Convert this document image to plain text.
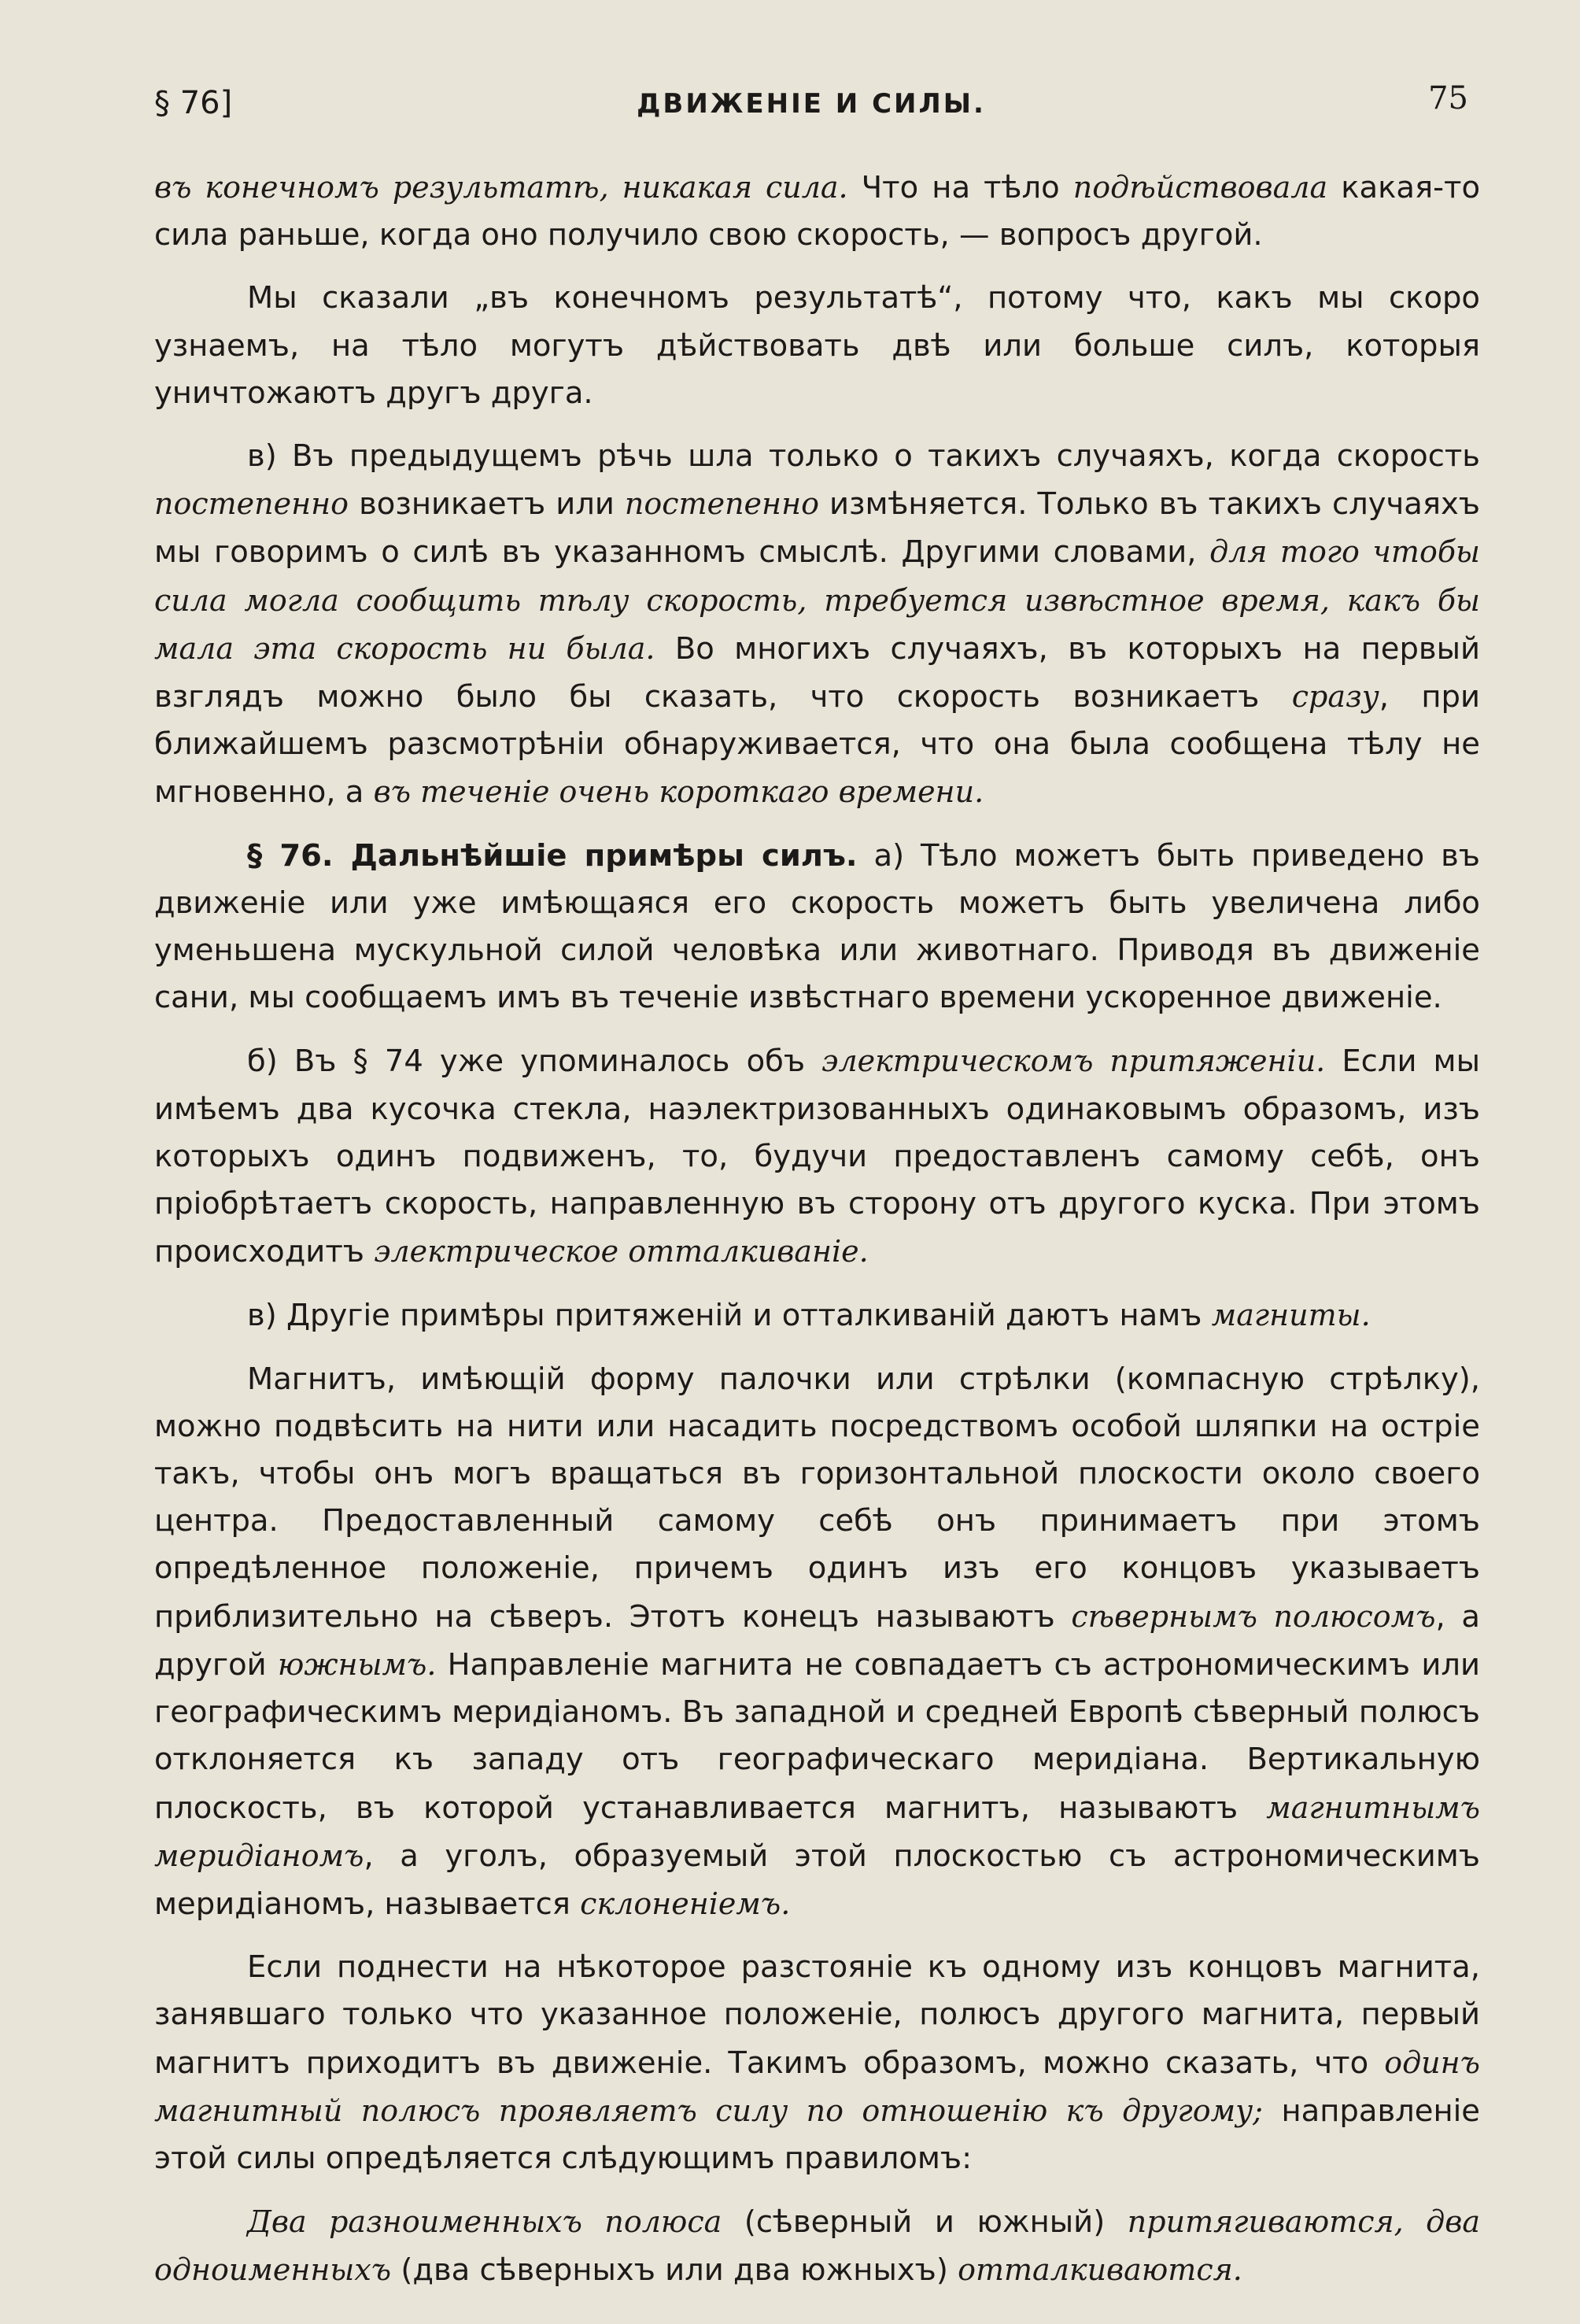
§ 76]	ДВИЖЕНІЕ И СИЛЫ.	75

въ конечномъ результатѣ, никакая сила. Что на тѣло подѣйствовала какая-то сила раньше, когда оно получило свою скорость, — вопросъ другой.

Мы сказали „въ конечномъ результатѣ“, потому что, какъ мы скоро узнаемъ, на тѣло могутъ дѣйствовать двѣ или больше силъ, которыя уничтожаютъ другъ друга.

в) Въ предыдущемъ рѣчь шла только о такихъ случаяхъ, когда скорость постепенно возникаетъ или постепенно измѣняется. Только въ такихъ случаяхъ мы говоримъ о силѣ въ указанномъ смыслѣ. Другими словами, для того чтобы сила могла сообщить тѣлу скорость, требуется извѣстное время, какъ бы мала эта скорость ни была. Во многихъ случаяхъ, въ которыхъ на первый взглядъ можно было бы сказать, что скорость возникаетъ сразу, при ближайшемъ разсмотрѣніи обнаруживается, что она была сообщена тѣлу не мгновенно, а въ теченіе очень короткаго времени.

§ 76. Дальнѣйшіе примѣры силъ. а) Тѣло можетъ быть приведено въ движеніе или уже имѣющаяся его скорость можетъ быть увеличена либо уменьшена мускульной силой человѣка или животнаго. Приводя въ движеніе сани, мы сообщаемъ имъ въ теченіе извѣстнаго времени ускоренное движеніе.

б) Въ § 74 уже упоминалось объ электрическомъ притяженіи. Если мы имѣемъ два кусочка стекла, наэлектризованныхъ одинаковымъ образомъ, изъ которыхъ одинъ подвиженъ, то, будучи предоставленъ самому себѣ, онъ пріобрѣтаетъ скорость, направленную въ сторону отъ другого куска. При этомъ происходитъ электрическое отталкиваніе.

в) Другіе примѣры притяженій и отталкиваній даютъ намъ магниты.

Магнитъ, имѣющій форму палочки или стрѣлки (компасную стрѣлку), можно подвѣсить на нити или насадить посредствомъ особой шляпки на остріе такъ, чтобы онъ могъ вращаться въ горизонтальной плоскости около своего центра. Предоставленный самому себѣ онъ принимаетъ при этомъ опредѣленное положеніе, причемъ одинъ изъ его концовъ указываетъ приблизительно на сѣверъ. Этотъ конецъ называютъ сѣвернымъ полюсомъ, а другой южнымъ. Направленіе магнита не совпадаетъ съ астрономическимъ или географическимъ меридіаномъ. Въ западной и средней Европѣ сѣверный полюсъ отклоняется къ западу отъ географическаго меридіана. Вертикальную плоскость, въ которой устанавливается магнитъ, называютъ магнитнымъ меридіаномъ, а уголъ, образуемый этой плоскостью съ астрономическимъ меридіаномъ, называется склоненіемъ.

Если поднести на нѣкоторое разстояніе къ одному изъ концовъ магнита, занявшаго только что указанное положеніе, полюсъ другого магнита, первый магнитъ приходитъ въ движеніе. Такимъ образомъ, можно сказать, что одинъ магнитный полюсъ проявляетъ силу по отношенію къ другому; направленіе этой силы опредѣляется слѣдующимъ правиломъ:

Два разноименныхъ полюса (сѣверный и южный) притягиваются, два одноименныхъ (два сѣверныхъ или два южныхъ) отталкиваются.
